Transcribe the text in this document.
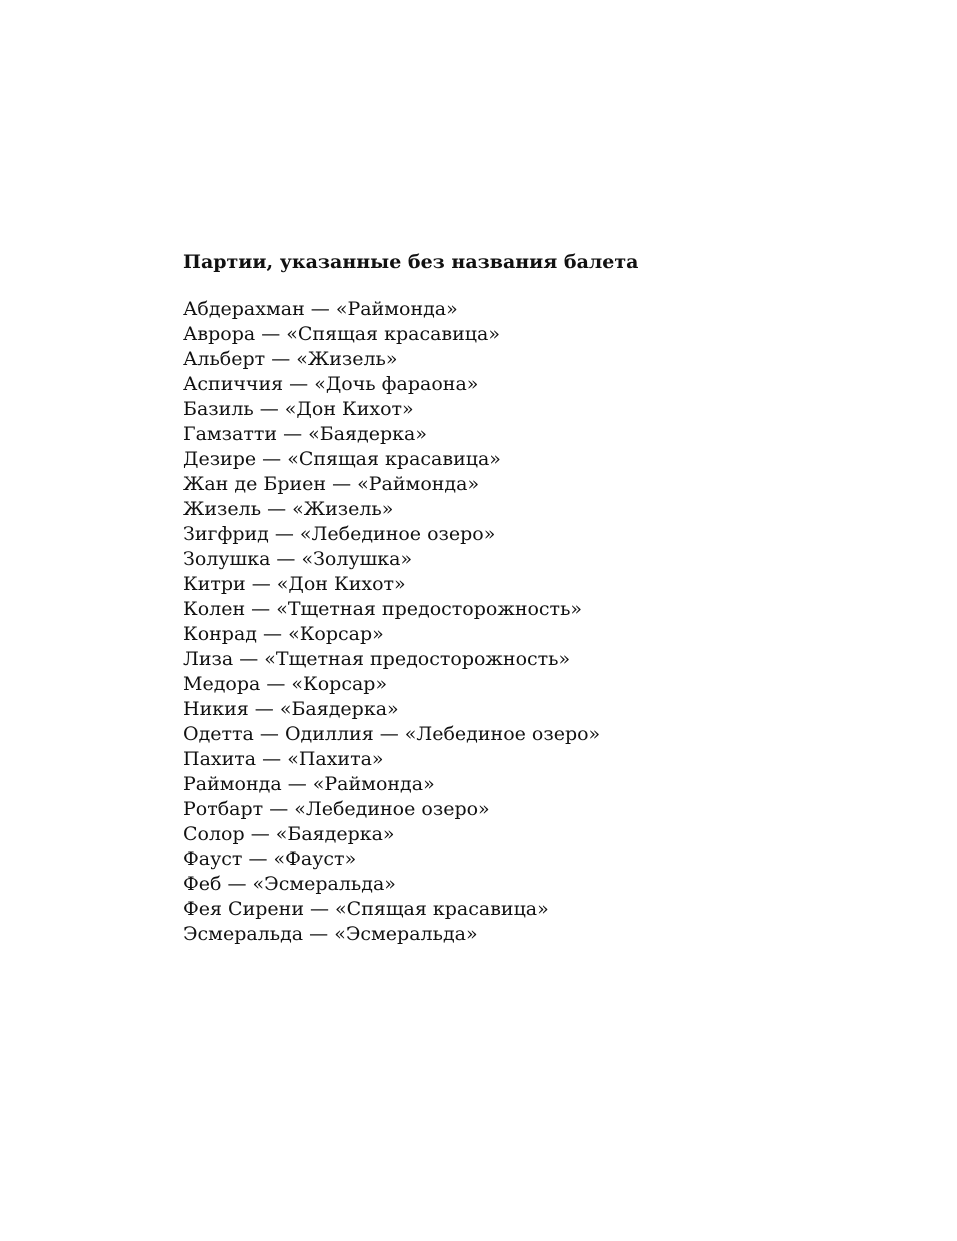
Партии, указанные без названия балета
Абдерахман — «Раймонда»
Аврора — «Спящая красавица»
Альберт — «Жизель»
Аспиччия — «Дочь фараона»
Базиль — «Дон Кихот»
Гамзатти — «Баядерка»
Дезире — «Спящая красавица»
Жан де Бриен — «Раймонда»
Жизель — «Жизель»
Зигфрид — «Лебединое озеро»
Золушка — «Золушка»
Китри — «Дон Кихот»
Колен — «Тщетная предосторожность»
Конрад — «Корсар»
Лиза — «Тщетная предосторожность»
Медора — «Корсар»
Никия — «Баядерка»
Одетта — Одиллия — «Лебединое озеро»
Пахита — «Пахита»
Раймонда — «Раймонда»
Ротбарт — «Лебединое озеро»
Солор — «Баядерка»
Фауст — «Фауст»
Феб — «Эсмеральда»
Фея Сирени — «Спящая красавица»
Эсмеральда — «Эсмеральда»
